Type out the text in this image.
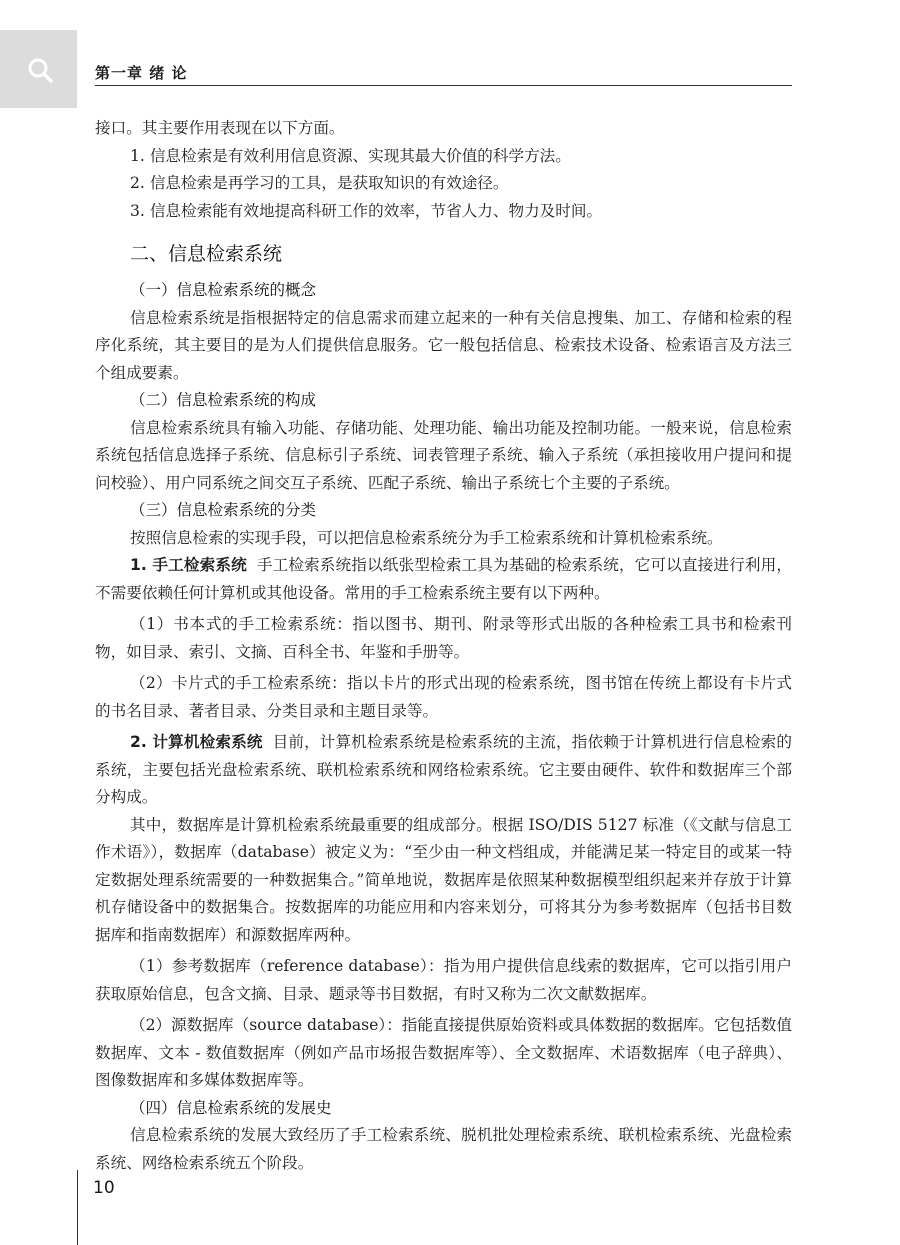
第一章 绪 论

接口。其主要作用表现在以下方面。

1. 信息检索是有效利用信息资源、实现其最大价值的科学方法。

2. 信息检索是再学习的工具，是获取知识的有效途径。

3. 信息检索能有效地提高科研工作的效率，节省人力、物力及时间。

二、信息检索系统

（一）信息检索系统的概念

信息检索系统是指根据特定的信息需求而建立起来的一种有关信息搜集、加工、存储和检索的程序化系统，其主要目的是为人们提供信息服务。它一般包括信息、检索技术设备、检索语言及方法三个组成要素。

（二）信息检索系统的构成

信息检索系统具有输入功能、存储功能、处理功能、输出功能及控制功能。一般来说，信息检索系统包括信息选择子系统、信息标引子系统、词表管理子系统、输入子系统（承担接收用户提问和提问校验）、用户同系统之间交互子系统、匹配子系统、输出子系统七个主要的子系统。

（三）信息检索系统的分类

按照信息检索的实现手段，可以把信息检索系统分为手工检索系统和计算机检索系统。

1. 手工检索系统 手工检索系统指以纸张型检索工具为基础的检索系统，它可以直接进行利用，不需要依赖任何计算机或其他设备。常用的手工检索系统主要有以下两种。

（1）书本式的手工检索系统：指以图书、期刊、附录等形式出版的各种检索工具书和检索刊物，如目录、索引、文摘、百科全书、年鉴和手册等。

（2）卡片式的手工检索系统：指以卡片的形式出现的检索系统，图书馆在传统上都设有卡片式的书名目录、著者目录、分类目录和主题目录等。

2. 计算机检索系统 目前，计算机检索系统是检索系统的主流，指依赖于计算机进行信息检索的系统，主要包括光盘检索系统、联机检索系统和网络检索系统。它主要由硬件、软件和数据库三个部分构成。

其中，数据库是计算机检索系统最重要的组成部分。根据 ISO/DIS 5127 标准（《文献与信息工作术语》），数据库（database）被定义为：“至少由一种文档组成，并能满足某一特定目的或某一特定数据处理系统需要的一种数据集合。”简单地说，数据库是依照某种数据模型组织起来并存放于计算机存储设备中的数据集合。按数据库的功能应用和内容来划分，可将其分为参考数据库（包括书目数据库和指南数据库）和源数据库两种。

（1）参考数据库（reference database）：指为用户提供信息线索的数据库，它可以指引用户获取原始信息，包含文摘、目录、题录等书目数据，有时又称为二次文献数据库。

（2）源数据库（source database）：指能直接提供原始资料或具体数据的数据库。它包括数值数据库、文本 - 数值数据库（例如产品市场报告数据库等）、全文数据库、术语数据库（电子辞典）、图像数据库和多媒体数据库等。

（四）信息检索系统的发展史

信息检索系统的发展大致经历了手工检索系统、脱机批处理检索系统、联机检索系统、光盘检索系统、网络检索系统五个阶段。

10
